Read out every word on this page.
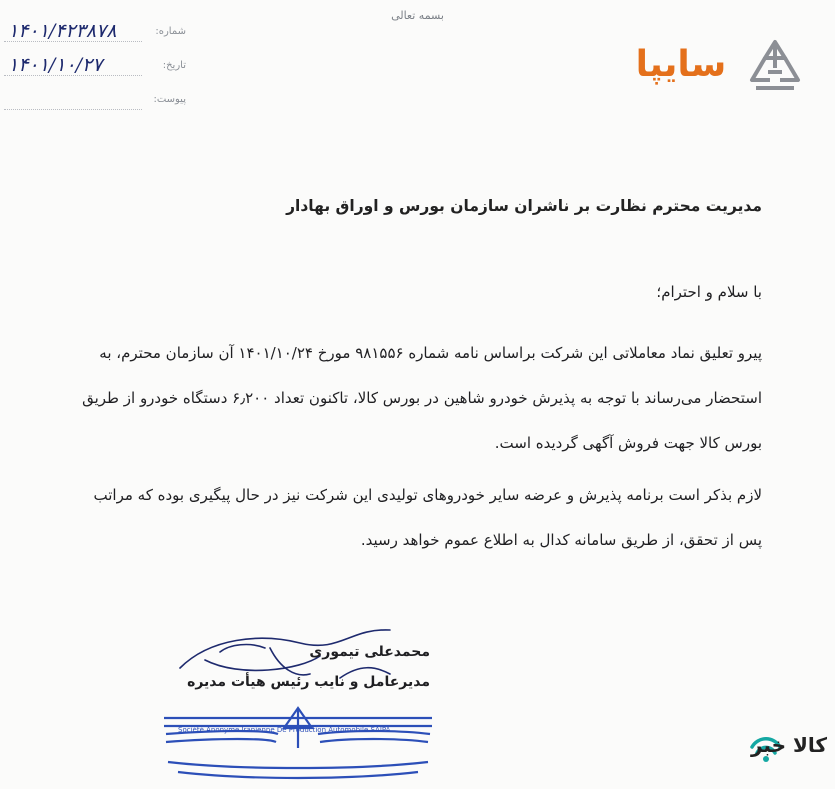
بسمه تعالی
۱۴۰۱/۴۲۳۸۷۸	شماره:
۱۴۰۱/۱۰/۲۷	تاریخ:
پیوست:
سایپا
مدیریت محترم نظارت بر ناشران سازمان بورس و اوراق بهادار
با سلام و احترام؛
پیرو تعلیق نماد معاملاتی این شرکت براساس نامه شماره ۹۸۱۵۵۶ مورخ ۱۴۰۱/۱۰/۲۴ آن سازمان محترم، به استحضار می‌رساند با توجه به پذیرش خودرو شاهین در بورس کالا، تاکنون تعداد ۶٫۲۰۰ دستگاه خودرو از طریق بورس کالا جهت فروش آگهی گردیده است.
لازم بذکر است برنامه پذیرش و عرضه سایر خودروهای تولیدی این شرکت نیز در حال پیگیری بوده که مراتب پس از تحقق، از طریق سامانه کدال به اطلاع عموم خواهد رسید.
محمدعلی تیموری
مدیرعامل و نایب رئیس هیأت مدیره
Société Anonyme Iranienne De Production Automobile SAIPA
کالا خبر
